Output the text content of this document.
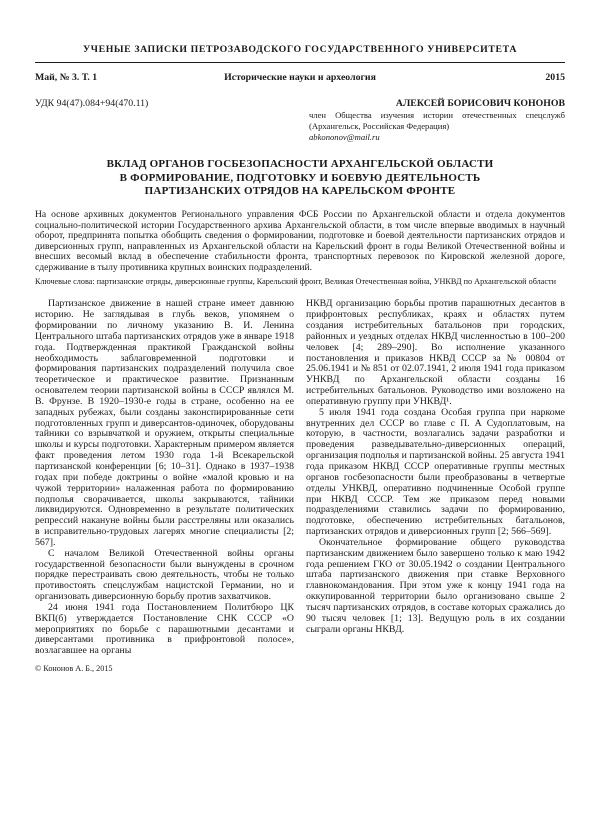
УЧЕНЫЕ ЗАПИСКИ ПЕТРОЗАВОДСКОГО ГОСУДАРСТВЕННОГО УНИВЕРСИТЕТА
Май, № 3. Т. 1	Исторические науки и археология	2015
УДК 94(47).084+94(470.11)	АЛЕКСЕЙ БОРИСОВИЧ КОНОНОВ
член Общества изучения истории отечественных спецслужб (Архангельск, Российская Федерация)
abkononov@mail.ru
ВКЛАД ОРГАНОВ ГОСБЕЗОПАСНОСТИ АРХАНГЕЛЬСКОЙ ОБЛАСТИ
В ФОРМИРОВАНИЕ, ПОДГОТОВКУ И БОЕВУЮ ДЕЯТЕЛЬНОСТЬ
ПАРТИЗАНСКИХ ОТРЯДОВ НА КАРЕЛЬСКОМ ФРОНТЕ
На основе архивных документов Регионального управления ФСБ России по Архангельской области и отдела документов социально-политической истории Государственного архива Архангельской области, в том числе впервые вводимых в научный оборот, предпринята попытка обобщить сведения о формировании, подготовке и боевой деятельности партизанских отрядов и диверсионных групп, направленных из Архангельской области на Карельский фронт в годы Великой Отечественной войны и внесших весомый вклад в обеспечение стабильности фронта, транспортных перевозок по Кировской железной дороге, сдерживание в тылу противника крупных воинских подразделений.
Ключевые слова: партизанские отряды, диверсионные группы, Карельский фронт, Великая Отечественная война, УНКВД по Архангельской области

Партизанское движение в нашей стране имеет давнюю историю. Не заглядывая в глубь веков, упомянем о формировании по личному указанию В. И. Ленина Центрального штаба партизанских отрядов уже в январе 1918 года. Подтвержденная практикой Гражданской войны необходимость заблаговременной подготовки и формирования партизанских подразделений получила свое теоретическое и практическое развитие. Признанным основателем теории партизанской войны в СССР являлся М. В. Фрунзе. В 1920–1930-е годы в стране, особенно на ее западных рубежах, были созданы законспирированные сети подготовленных групп и диверсантов-одиночек, оборудованы тайники со взрывчаткой и оружием, открыты специальные школы и курсы подготовки. Характерным примером является факт проведения летом 1930 года 1-й Всекарельской партизанской конференции [6; 10–31]. Однако в 1937–1938 годах при победе доктрины о войне «малой кровью и на чужой территории» налаженная работа по формированию подполья сворачивается, школы закрываются, тайники ликвидируются. Одновременно в результате политических репрессий накануне войны были расстреляны или оказались в исправительно-трудовых лагерях многие специалисты [2; 567].

С началом Великой Отечественной войны органы государственной безопасности были вынуждены в срочном порядке перестраивать свою деятельность, чтобы не только противостоять спецслужбам нацистской Германии, но и организовать диверсионную борьбу против захватчиков.

24 июня 1941 года Постановлением Политбюро ЦК ВКП(б) утверждается Постановление СНК СССР «О мероприятиях по борьбе с парашютными десантами и диверсантами противника в прифронтовой полосе», возлагавшее на органы

НКВД организацию борьбы против парашютных десантов в прифронтовых республиках, краях и областях путем создания истребительных батальонов при городских, районных и уездных отделах НКВД численностью в 100–200 человек [4; 289–290]. Во исполнение указанного постановления и приказов НКВД СССР за № 00804 от 25.06.1941 и № 851 от 02.07.1941, 2 июля 1941 года приказом УНКВД по Архангельской области созданы 16 истребительных батальонов. Руководство ими возложено на оперативную группу при УНКВД¹.

5 июля 1941 года создана Особая группа при наркоме внутренних дел СССР во главе с П. А Судоплатовым, на которую, в частности, возлагались задачи разработки и проведения разведывательно-диверсионных операций, организация подполья и партизанской войны. 25 августа 1941 года приказом НКВД СССР оперативные группы местных органов госбезопасности были преобразованы в четвертые отделы УНКВД, оперативно подчиненные Особой группе при НКВД СССР. Тем же приказом перед новыми подразделениями ставились задачи по формированию, подготовке, обеспечению истребительных батальонов, партизанских отрядов и диверсионных групп [2; 566–569].

Окончательное формирование общего руководства партизанским движением было завершено только к маю 1942 года решением ГКО от 30.05.1942 о создании Центрального штаба партизанского движения при ставке Верховного главнокомандования. При этом уже к концу 1941 года на оккупированной территории было организовано свыше 2 тысяч партизанских отрядов, в составе которых сражались до 90 тысяч человек [1; 13]. Ведущую роль в их создании сыграли органы НКВД.

© Кононов А. Б., 2015
